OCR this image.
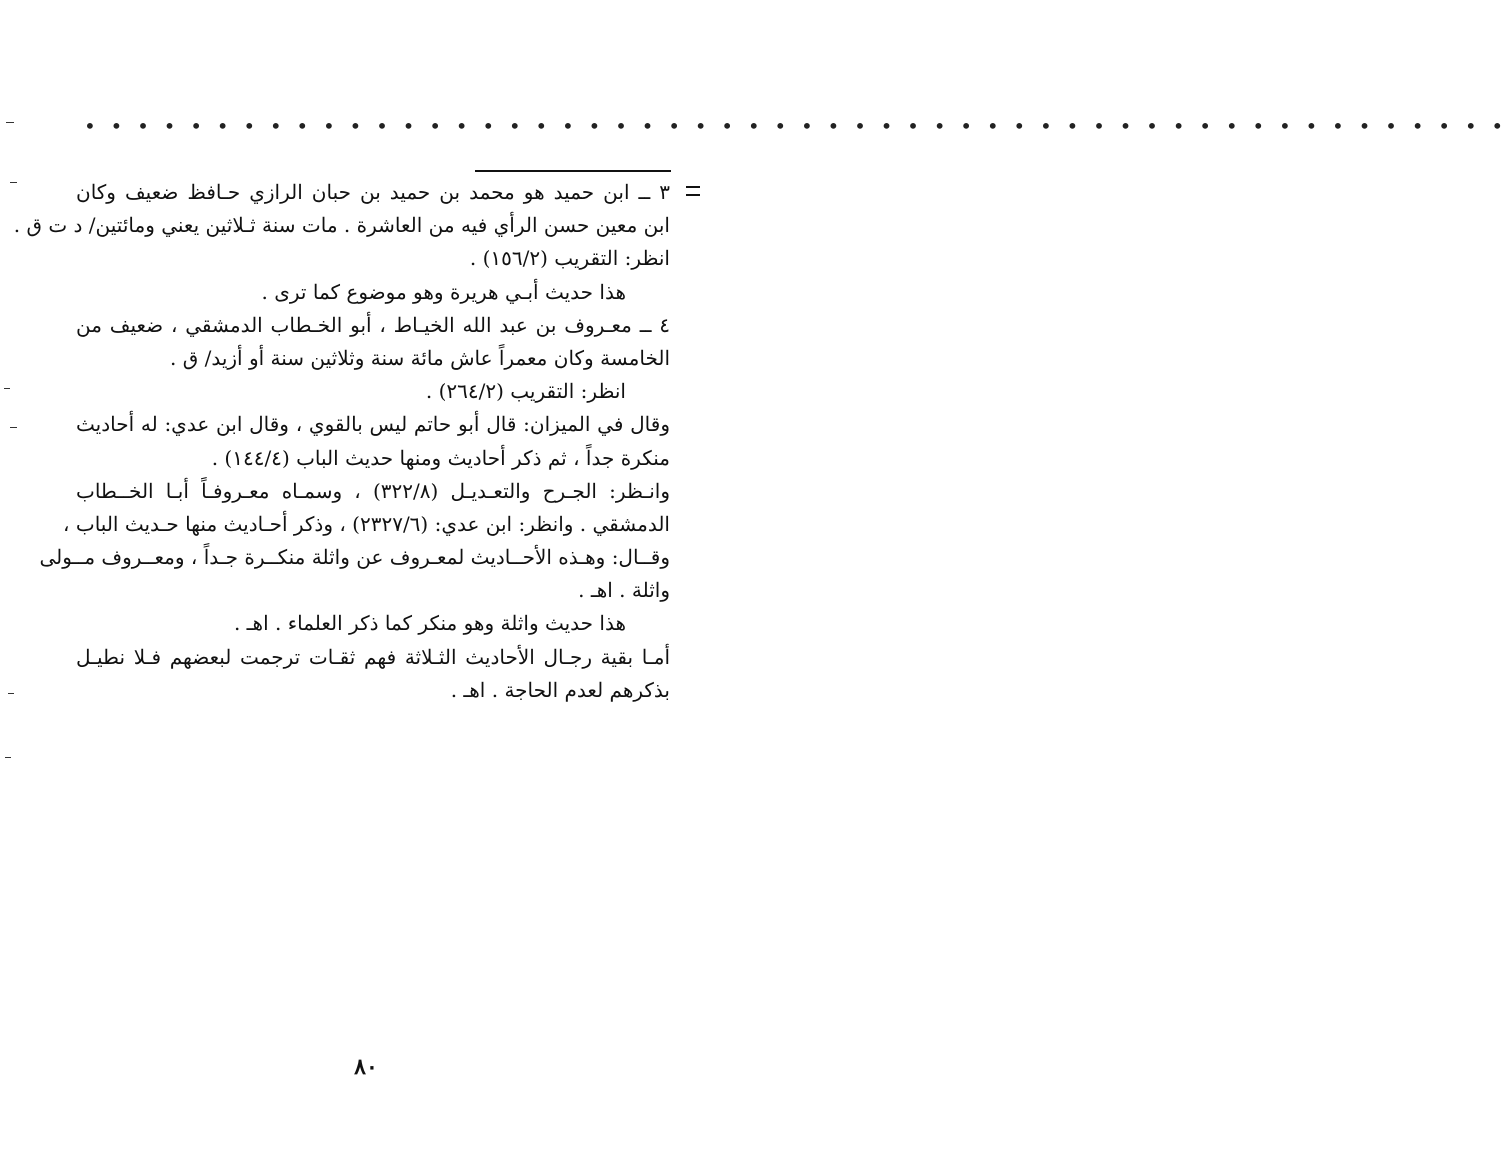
• • • • • • • • • • • • • • • • • • • • • • • • • • • • • • • • • • • • • • • • • • • • • • • • • • • • • •
٣ ــ ابن حميد هو محمد بن حميد بن حبان الرازي حـافظ ضعيف وكان
ابن معين حسن الرأي فيه من العاشرة . مات سنة ثـلاثين يعني ومائتين/ د ت ق .
انظر: التقريب (١٥٦/٢) .
هذا حديث أبـي هريرة وهو موضوع كما ترى .
٤ ــ معـروف بن عبد الله الخيـاط ، أبو الخـطاب الدمشقي ، ضعيف من
الخامسة وكان معمراً عاش مائة سنة وثلاثين سنة أو أزيد/ ق .
انظر: التقريب (٢٦٤/٢) .
وقال في الميزان: قال أبو حاتم ليس بالقوي ، وقال ابن عدي: له أحاديث
منكرة جداً ، ثم ذكر أحاديث ومنها حديث الباب (١٤٤/٤) .
وانـظر: الجـرح والتعـديـل (٣٢٢/٨) ، وسمـاه معـروفـاً أبـا الخــطاب
الدمشقي . وانظر: ابن عدي: (٢٣٢٧/٦) ، وذكر أحـاديث منها حـديث الباب ،
وقــال: وهـذه الأحــاديث لمعـروف عن واثلة منكــرة جـداً ، ومعــروف مــولى
واثلة . اهـ .
هذا حديث واثلة وهو منكر كما ذكر العلماء . اهـ .
أمـا بقية رجـال الأحاديث الثـلاثة فهم ثقـات ترجمت لبعضهم فـلا نطيـل
بذكرهم لعدم الحاجة . اهـ .
٨٠
